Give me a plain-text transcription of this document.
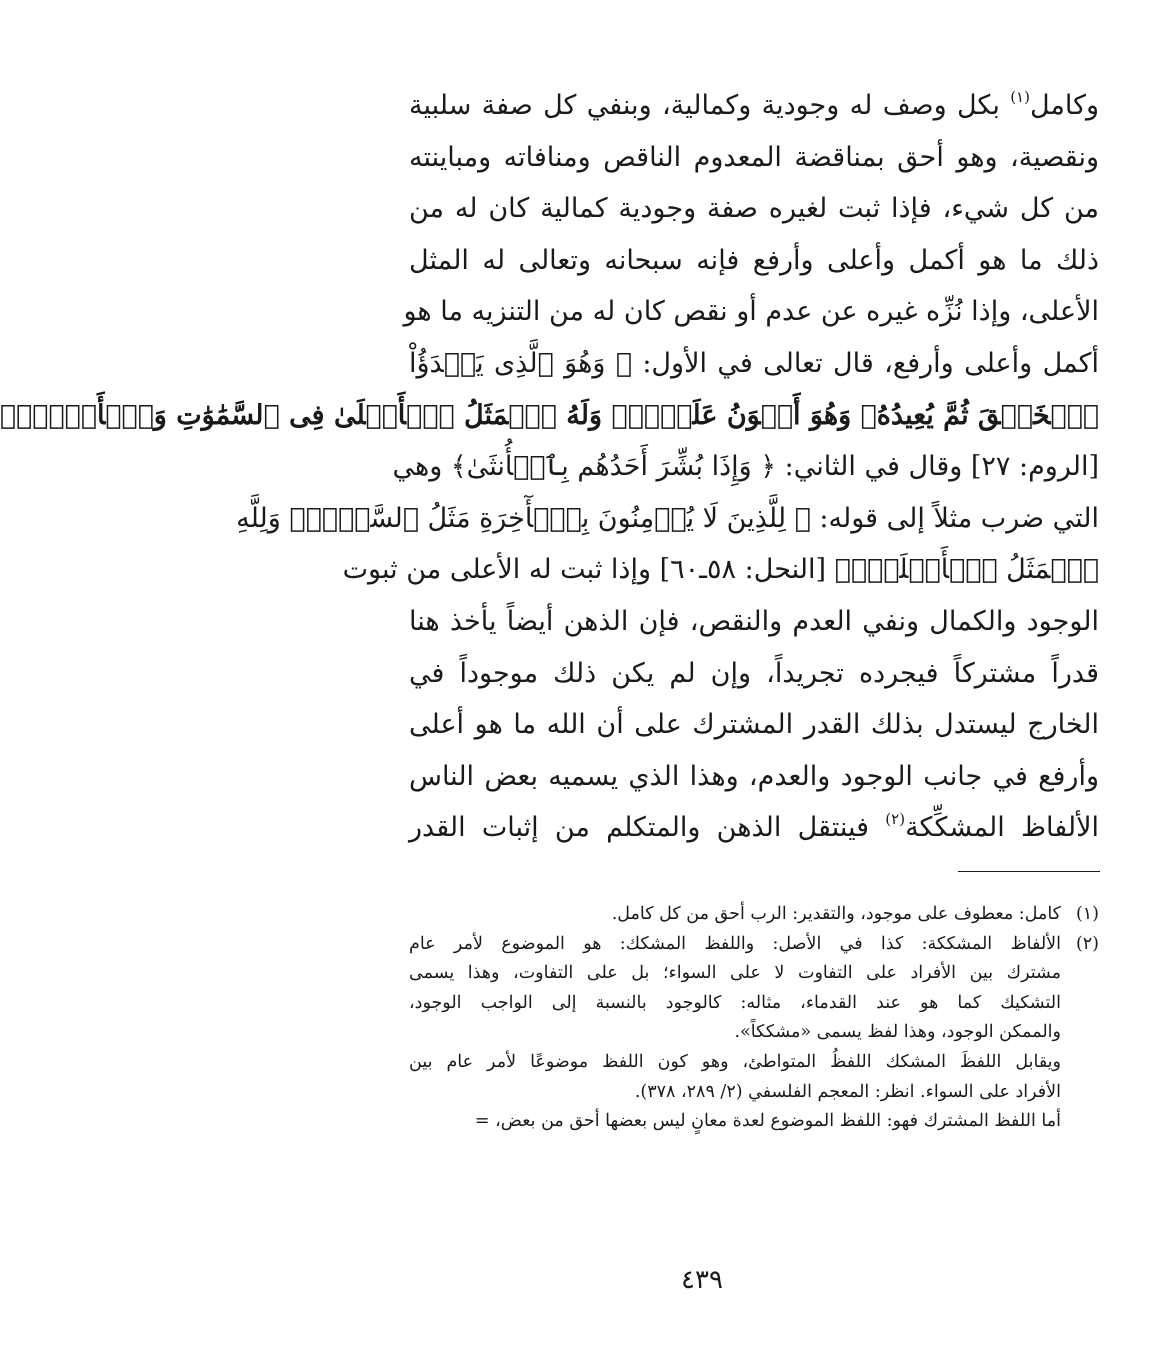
وكامل$^{(١)}$ بكل وصف له وجودية وكمالية، وبنفي كل صفة سلبية
ونقصية، وهو أحق بمناقضة المعدوم الناقص ومنافاته ومباينته
من كل شيء، فإذا ثبت لغيره صفة وجودية كمالية كان له من
ذلك ما هو أكمل وأعلى وأرفع فإنه سبحانه وتعالى له المثل
الأعلى، وإذا نُزِّه غيره عن عدم أو نقص كان له من التنزيه ما هو
أكمل وأعلى وأرفع، قال تعالى في الأول: ﴿ وَهُوَ ٱلَّذِى يَبۡدَؤُاْ
ٱلۡخَلۡقَ ثُمَّ يُعِيدُهُۥ وَهُوَ أَهۡوَنُ عَلَيۡهِۚ وَلَهُ ٱلۡمَثَلُ ٱلۡأَعۡلَىٰ فِى ٱلسَّمَٰوَٰتِ وَٱلۡأَرۡضِۚ﴾
[الروم: ٢٧] وقال في الثاني: ﴿ وَإِذَا بُشِّرَ أَحَدُهُم بِٱلۡأُنثَىٰ﴾ وهي
التي ضرب مثلاً إلى قوله: ﴿ لِلَّذِينَ لَا يُؤۡمِنُونَ بِٱلۡأٓخِرَةِ مَثَلُ ٱلسَّوۡءِۖ وَلِلَّهِ
ٱلۡمَثَلُ ٱلۡأَعۡلَىٰۚ﴾ [النحل: ٥٨ـ٦٠] وإذا ثبت له الأعلى من ثبوت
الوجود والكمال ونفي العدم والنقص، فإن الذهن أيضاً يأخذ هنا
قدراً مشتركاً فيجرده تجريداً، وإن لم يكن ذلك موجوداً في
الخارج ليستدل بذلك القدر المشترك على أن الله ما هو أعلى
وأرفع في جانب الوجود والعدم، وهذا الذي يسميه بعض الناس
الألفاظ المشكِّكة$^{(٢)}$ فينتقل الذهن والمتكلم من إثبات القدر
(١)كامل: معطوف على موجود، والتقدير: الرب أحق من كل كامل.
(٢)الألفاظ المشككة: كذا في الأصل: واللفظ المشكك: هو الموضوع لأمر عام
مشترك بين الأفراد على التفاوت لا على السواء؛ بل على التفاوت، وهذا يسمى
التشكيك كما هو عند القدماء، مثاله: كالوجود بالنسبة إلى الواجب الوجود،
والممكن الوجود، وهذا لفظ يسمى «مشككاً».
ويقابل اللفظَ المشكك اللفظُ المتواطئ، وهو كون اللفظ موضوعًا لأمر عام بين
الأفراد على السواء. انظر: المعجم الفلسفي (٢/ ٢٨٩، ٣٧٨).
أما اللفظ المشترك فهو: اللفظ الموضوع لعدة معانٍ ليس بعضها أحق من بعض، =
٤٣٩
